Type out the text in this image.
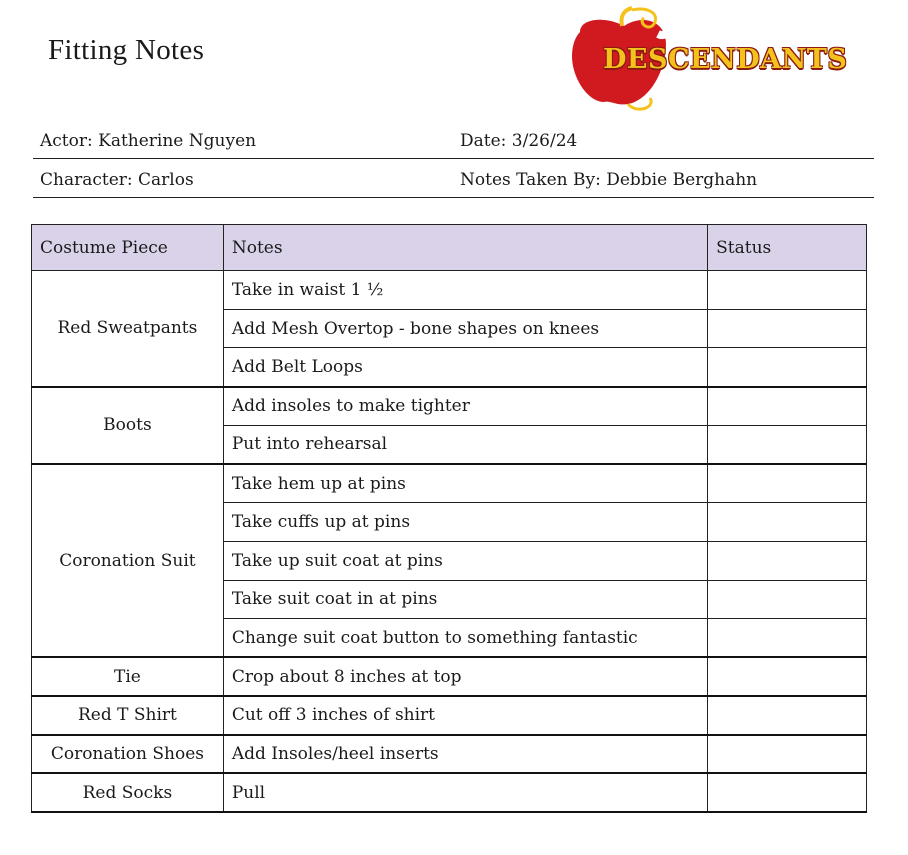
Fitting Notes	DESCENDANTS
Actor: Katherine Nguyen	Date: 3/26/24
Character: Carlos	Notes Taken By: Debbie Berghahn
Costume Piece	Notes	Status
Red Sweatpants	Take in waist 1 ½	
	Add Mesh Overtop - bone shapes on knees	
	Add Belt Loops	
Boots	Add insoles to make tighter	
	Put into rehearsal	
Coronation Suit	Take hem up at pins	
	Take cuffs up at pins	
	Take up suit coat at pins	
	Take suit coat in at pins	
	Change suit coat button to something fantastic	
Tie	Crop about 8 inches at top	
Red T Shirt	Cut off 3 inches of shirt	
Coronation Shoes	Add Insoles/heel inserts	
Red Socks	Pull	
